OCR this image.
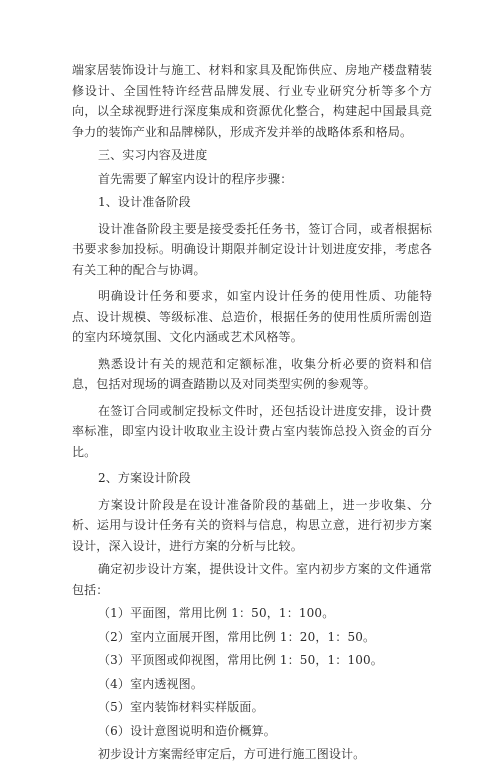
端家居装饰设计与施工、材料和家具及配饰供应、房地产楼盘精装修设计、全国性特许经营品牌发展、行业专业研究分析等多个方向，以全球视野进行深度集成和资源优化整合，构建起中国最具竞争力的装饰产业和品牌梯队，形成齐发并举的战略体系和格局。

三、实习内容及进度

首先需要了解室内设计的程序步骤：

1、设计准备阶段

设计准备阶段主要是接受委托任务书，签订合同，或者根据标书要求参加投标。明确设计期限并制定设计计划进度安排，考虑各有关工种的配合与协调。

明确设计任务和要求，如室内设计任务的使用性质、功能特点、设计规模、等级标准、总造价，根据任务的使用性质所需创造的室内环境氛围、文化内涵或艺术风格等。

熟悉设计有关的规范和定额标准，收集分析必要的资料和信息，包括对现场的调查踏勘以及对同类型实例的参观等。

在签订合同或制定投标文件时，还包括设计进度安排，设计费率标准，即室内设计收取业主设计费占室内装饰总投入资金的百分比。

2、方案设计阶段

方案设计阶段是在设计准备阶段的基础上，进一步收集、分析、运用与设计任务有关的资料与信息，构思立意，进行初步方案设计，深入设计，进行方案的分析与比较。

确定初步设计方案，提供设计文件。室内初步方案的文件通常包括：

（1）平面图，常用比例 1：50，1：100。

（2）室内立面展开图，常用比例 1：20，1：50。

（3）平顶图或仰视图，常用比例 1：50，1：100。

（4）室内透视图。

（5）室内装饰材料实样版面。

（6）设计意图说明和造价概算。

初步设计方案需经审定后，方可进行施工图设计。
